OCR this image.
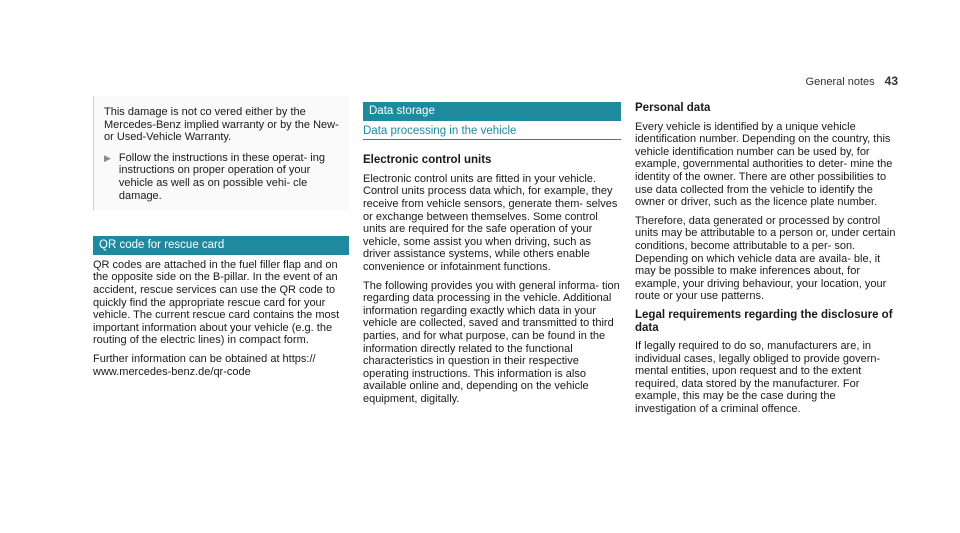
General notes 43
This damage is not co vered either by the Mercedes-Benz implied warranty or by the New- or Used-Vehicle Warranty.
▶ Follow the instructions in these operat- ing instructions on proper operation of your vehicle as well as on possible vehi- cle damage.
QR code for rescue card

QR codes are attached in the fuel filler flap and on the opposite side on the B-pillar. In the event of an accident, rescue services can use the QR code to quickly find the appropriate rescue card for your vehicle. The current rescue card contains the most important information about your vehicle (e.g. the routing of the electric lines) in compact form.

Further information can be obtained at https:// www.mercedes-benz.de/qr-code

Data storage
Data processing in the vehicle

Electronic control units

Electronic control units are fitted in your vehicle. Control units process data which, for example, they receive from vehicle sensors, generate them- selves or exchange between themselves. Some control units are required for the safe operation of your vehicle, some assist you when driving, such as driver assistance systems, while others enable convenience or infotainment functions.

The following provides you with general informa- tion regarding data processing in the vehicle. Additional information regarding exactly which data in your vehicle are collected, saved and transmitted to third parties, and for what purpose, can be found in the information directly related to the functional characteristics in question in their respective operating instructions. This information is also available online and, depending on the vehicle equipment, digitally.

Personal data

Every vehicle is identified by a unique vehicle identification number. Depending on the country, this vehicle identification number can be used by, for example, governmental authorities to deter- mine the identity of the owner. There are other possibilities to use data collected from the vehicle to identify the owner or driver, such as the licence plate number.

Therefore, data generated or processed by control units may be attributable to a person or, under certain conditions, become attributable to a per- son. Depending on which vehicle data are availa- ble, it may be possible to make inferences about, for example, your driving behaviour, your location, your route or your use patterns.

Legal requirements regarding the disclosure of data

If legally required to do so, manufacturers are, in individual cases, legally obliged to provide govern- mental entities, upon request and to the extent required, data stored by the manufacturer. For example, this may be the case during the investigation of a criminal offence.
